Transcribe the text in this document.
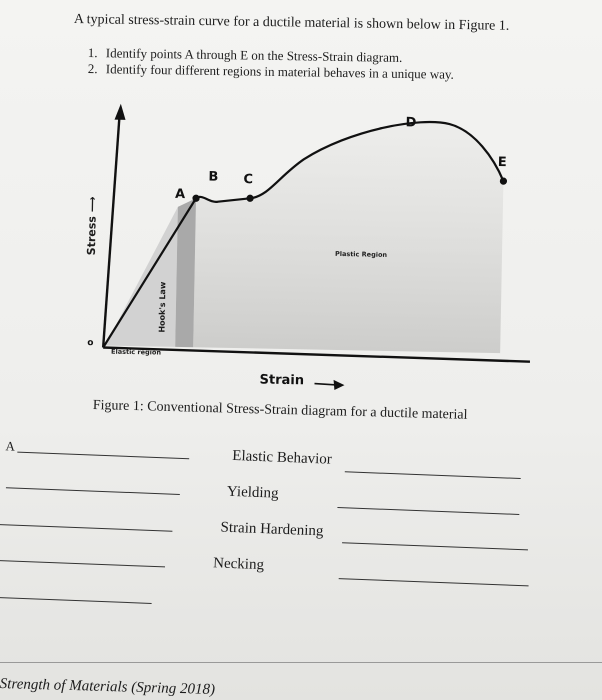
A typical stress-strain curve for a ductile material is shown below in Figure 1.
1. Identify points A through E on the Stress-Strain diagram.
2. Identify four different regions in material behaves in a unique way.
A
B C
D
E
o
Stress ⟶
Hook's Law
Elastic region
Plastic Region
Strain
Figure 1: Conventional Stress-Strain diagram for a ductile material
A
Elastic Behavior
Yielding
Strain Hardening
Necking
Strength of Materials (Spring 2018)
